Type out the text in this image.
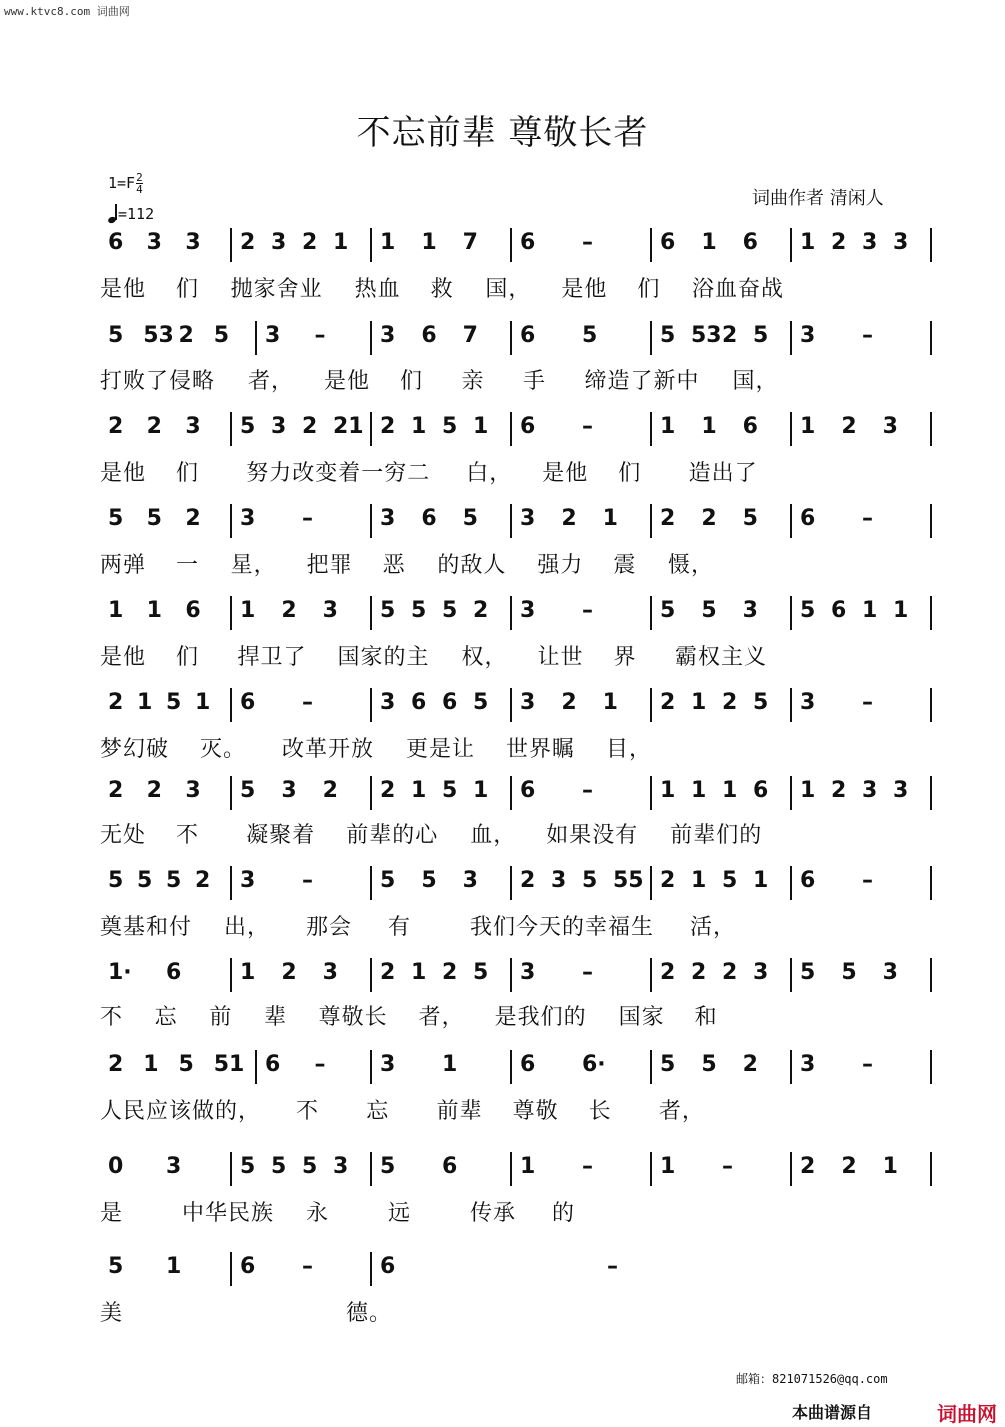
www.ktvc8.com 词曲网
不忘前辈 尊敬长者
$1=F \frac{2}{4}$
=112
词曲作者 清闲人
6 3 3 2 3 2 1 1 1 7 6 –	6 1 6 1 2 3 3
是他 们 抛家舍业 热血 救 国， 是他 们 浴血奋战
5 53 2 5 3 – 3 6 7 6 5	5 53 2 5 3 –
打败了侵略 者， 是他 们 亲 手 缔造了新中 国，
2 2 3 5 3 2 21 2 1 5 1 6 –	1 1 6 1 2 3
是他 们 努力改变着一穷二 白， 是他 们 造出了
5 5 2 3 –	3 6 5 3 2 1 2 2 5 6 –
两弹 一 星， 把罪 恶 的敌人 强力 震 慑，
1 1 6 1 2 3 5 5 5 2 3 –	5 5 3 5 6 1 1
是他 们 捍卫了 国家的主 权， 让世 界 霸权主义
2 1 5 1 6 –	3 6 6 5 3 2 1 2 1 2 5 3 –
梦幻破 灭。 改革开放 更是让 世界瞩 目，
2 2 3 5 3 2 2 1 5 1 6 –	1 1 1 6 1 2 3 3
无处 不 凝聚着 前辈的心 血， 如果没有 前辈们的
5 5 5 2 3 –	5 5 3 2 3 5 55 2 1 5 1 6 –
奠基和付 出， 那会 有	我们今天的幸福生 活，
1· 6	1 2 3 2 1 2 5 3 –	2 2 2 3 5 5 3
不 忘 前 辈 尊敬长 者， 是我们的 国家 和
2 1 5 51 6 – 3 1	6 6· 5 5 2 3 –
人民应该做的， 不 忘 前辈 尊敬 长 者，
0 3	5 5 5 3 5 6	1 –	1 –	2 2 1
是	中华民族 永	远	传承 的
5 1	6 –	6	–
美	德。
邮箱：821071526@qq.com
本曲谱源自	词曲网
